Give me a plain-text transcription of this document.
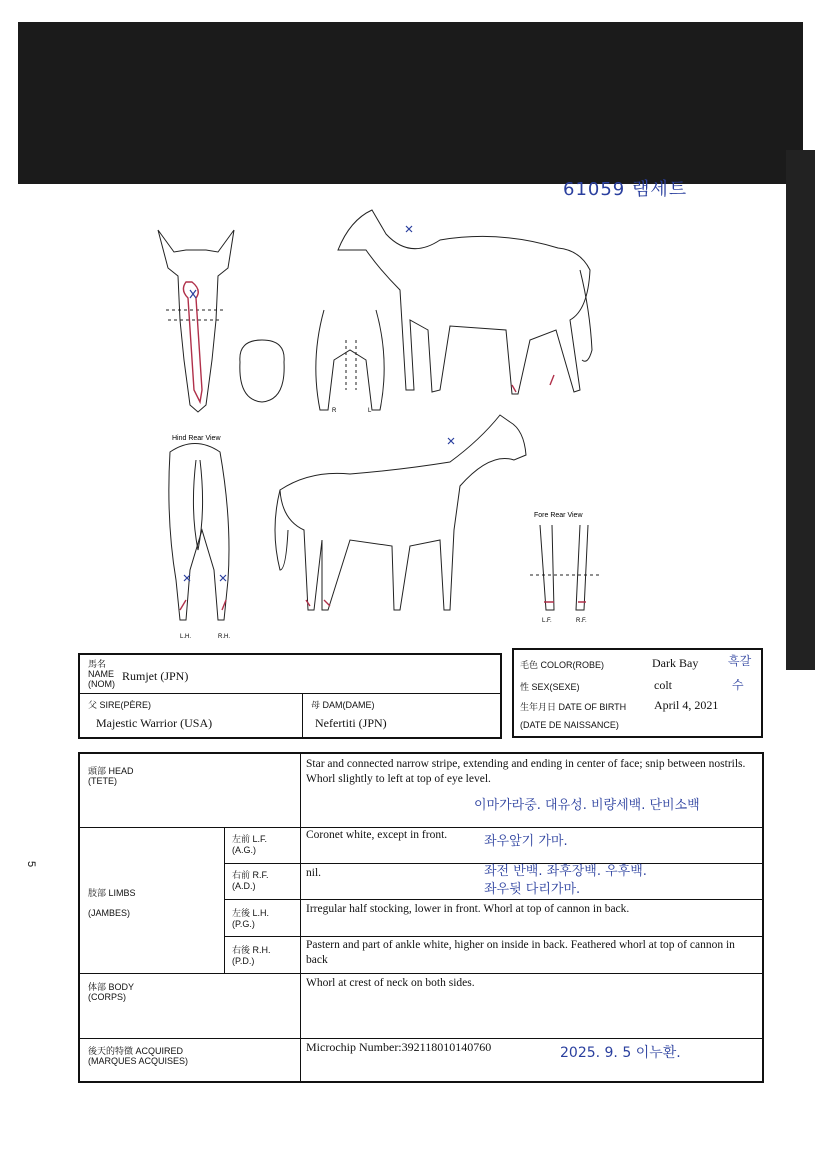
61059 램세트
Hind Rear View
Fore Rear View
R	L
L.H.	R.H.
L.F.	R.F.
馬名
NAME
(NOM)
Rumjet (JPN)
父 SIRE(PÈRE)
Majestic Warrior (USA)
母 DAM(DAME)
Nefertiti (JPN)
毛色 COLOR(ROBE)	Dark Bay
性 SEX(SEXE)	colt
生年月日 DATE OF BIRTH April 4, 2021
(DATE DE NAISSANCE)
흑갈
수
頭部 HEAD
(TETE)
Star and connected narrow stripe, extending and ending in center of face; snip between nostrils. Whorl slightly to left at top of eye level.
이마가라중. 대유성. 비량세백. 단비소백
肢部 LIMBS
(JAMBES)
左前 L.F.
(A.G.)
Coronet white, except in front.	좌우앞기 가마.
右前 R.F.
(A.D.)
nil.	좌전 반백. 좌후장백. 우후백.
좌우뒷 다리가마.
左後 L.H.
(P.G.)
Irregular half stocking, lower in front. Whorl at top of cannon in back.
右後 R.H.
(P.D.)
Pastern and part of ankle white, higher on inside in back. Feathered whorl at top of cannon in back
体部 BODY
(CORPS)
Whorl at crest of neck on both sides.
後天的特徴 ACQUIRED
(MARQUES ACQUISES)
Microchip Number:392118010140760	2025. 9. 5 이누환.
5
